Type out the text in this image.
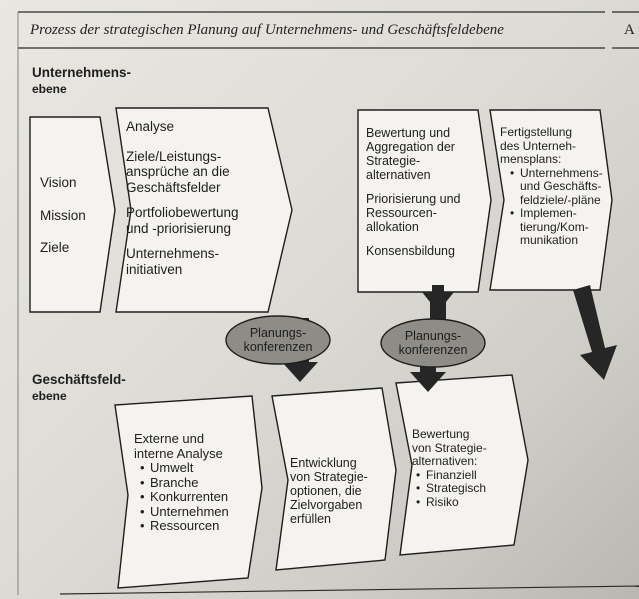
Prozess der strategischen Planung auf Unternehmens- und Geschäftsfeldebene	A
Unternehmens-
ebene
Geschäftsfeld-
ebene

Vision

Mission

Ziele

Analyse

Ziele/Leistungs-

ansprüche an die

Geschäftsfelder

Portfoliobewertung

und -priorisierung

Unternehmens-

initiativen

Bewertung und

Aggregation der

Strategie-

alternativen

Priorisierung und

Ressourcen-

allokation

Konsensbildung

Fertigstellung

des Unterneh-

mensplans:

• Unternehmens-
und Geschäfts-
feldziele/-pläne
• Implemen-
tierung/Kom-
munikation
Planungs-
konferenzen
Planungs-
konferenzen

Externe und

interne Analyse

• Umwelt
• Branche
• Konkurrenten
• Unternehmen
• Ressourcen

Entwicklung

von Strategie-

optionen, die

Zielvorgaben

erfüllen

Bewertung

von Strategie-

alternativen:

• Finanziell
• Strategisch
• Risiko
